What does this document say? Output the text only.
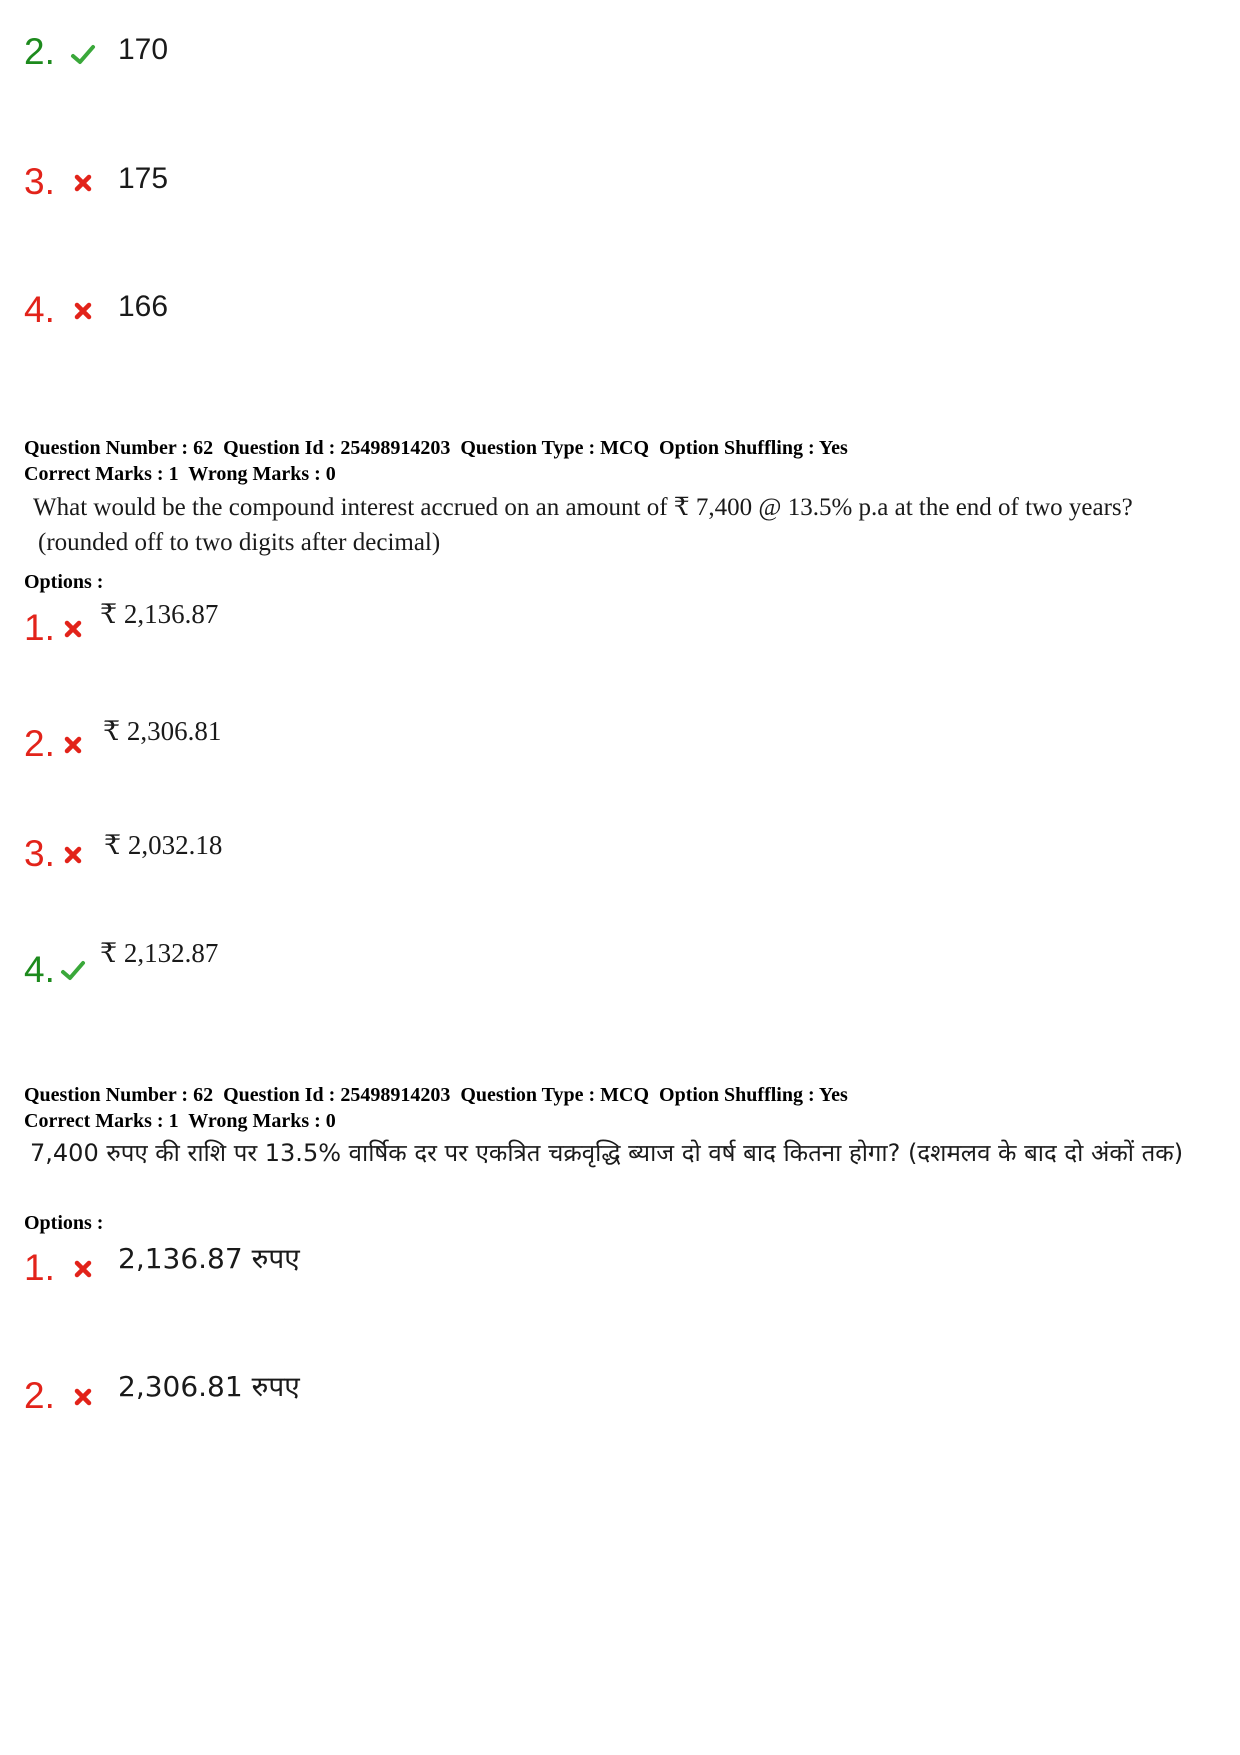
2. 170
3. 175
4. 166
Question Number : 62  Question Id : 25498914203  Question Type : MCQ  Option Shuffling : Yes
Correct Marks : 1  Wrong Marks : 0
What would be the compound interest accrued on an amount of ₹ 7,400 @ 13.5% p.a at the end of two years?
(rounded off to two digits after decimal)
Options :
1. ₹ 2,136.87
2. ₹ 2,306.81
3. ₹ 2,032.18
4. ₹ 2,132.87
Question Number : 62  Question Id : 25498914203  Question Type : MCQ  Option Shuffling : Yes
Correct Marks : 1  Wrong Marks : 0
7,400 रुपए की राशि पर 13.5% वार्षिक दर पर एकत्रित चक्रवृद्धि ब्याज दो वर्ष बाद कितना होगा? (दशमलव के बाद दो अंकों तक)
Options :
1. 2,136.87 रुपए
2. 2,306.81 रुपए
